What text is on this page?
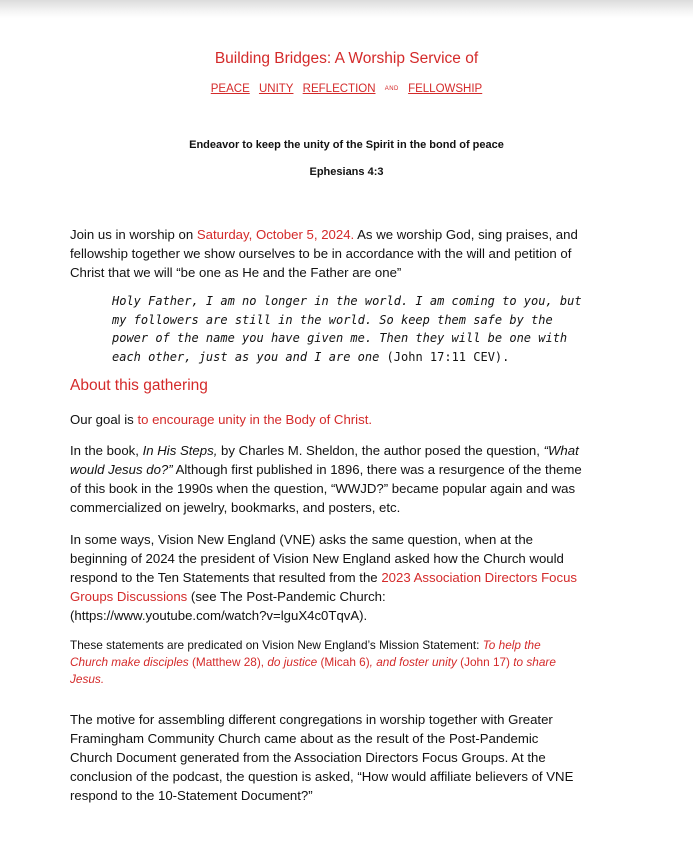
Building Bridges: A Worship Service of
PEACE UNITY REFLECTION AND FELLOWSHIP
Endeavor to keep the unity of the Spirit in the bond of peace
Ephesians 4:3
Join us in worship on Saturday, October 5, 2024. As we worship God, sing praises, and
fellowship together we show ourselves to be in accordance with the will and petition of
Christ that we will “be one as He and the Father are one”
Holy Father, I am no longer in the world. I am coming to you, but
my followers are still in the world. So keep them safe by the
power of the name you have given me. Then they will be one with
each other, just as you and I are one (John 17:11 CEV).
About this gathering
Our goal is to encourage unity in the Body of Christ.
In the book, In His Steps, by Charles M. Sheldon, the author posed the question, “What
would Jesus do?” Although first published in 1896, there was a resurgence of the theme
of this book in the 1990s when the question, “WWJD?” became popular again and was
commercialized on jewelry, bookmarks, and posters, etc.
In some ways, Vision New England (VNE) asks the same question, when at the
beginning of 2024 the president of Vision New England asked how the Church would
respond to the Ten Statements that resulted from the 2023 Association Directors Focus
Groups Discussions (see The Post-Pandemic Church:
(https://www.youtube.com/watch?v=lguX4c0TqvA).
These statements are predicated on Vision New England’s Mission Statement: To help the
Church make disciples (Matthew 28), do justice (Micah 6), and foster unity (John 17) to share
Jesus.
The motive for assembling different congregations in worship together with Greater
Framingham Community Church came about as the result of the Post-Pandemic
Church Document generated from the Association Directors Focus Groups. At the
conclusion of the podcast, the question is asked, “How would affiliate believers of VNE
respond to the 10-Statement Document?”
